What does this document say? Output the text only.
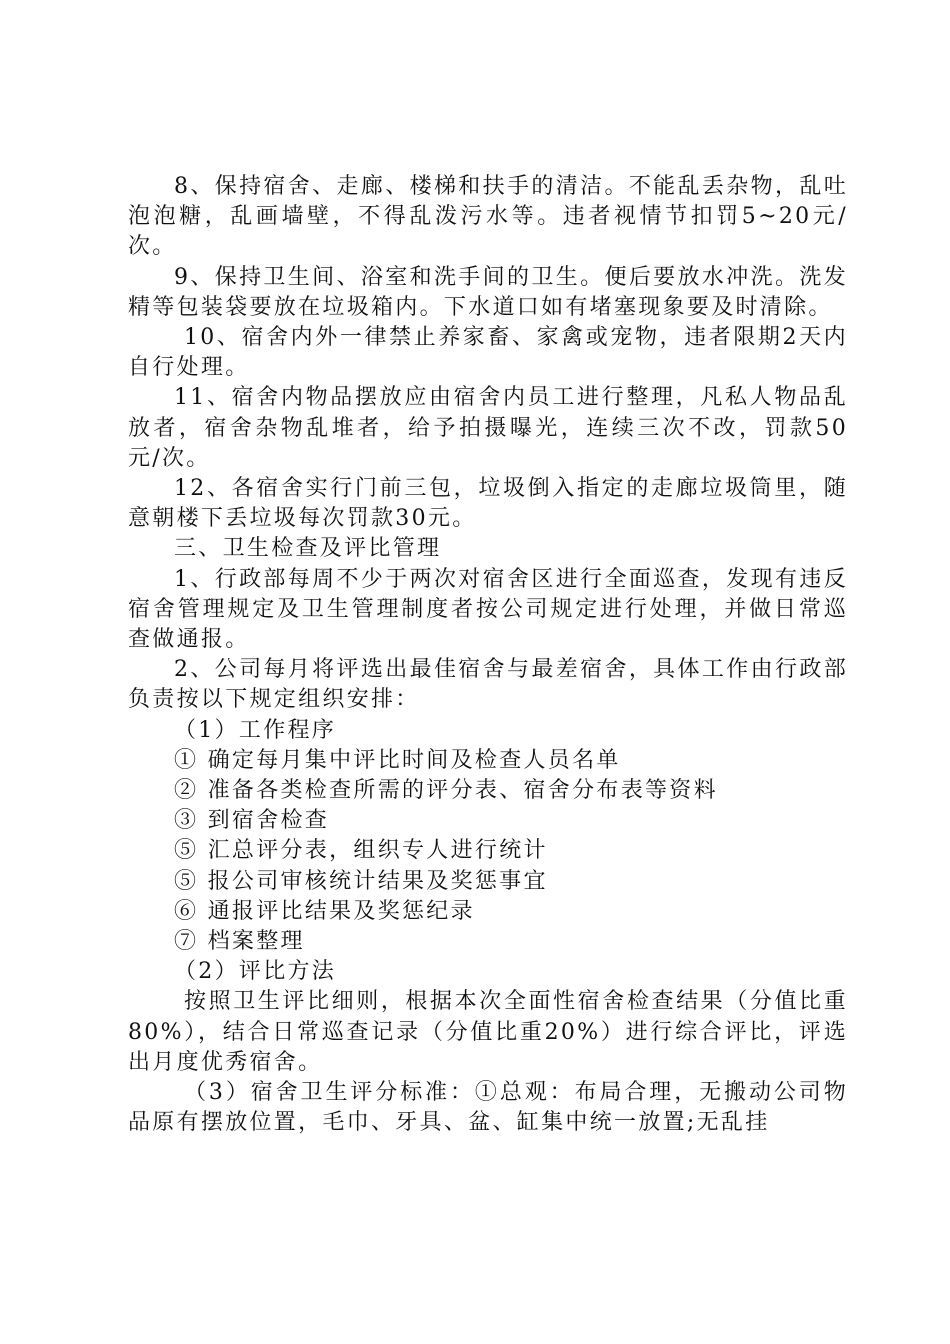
8、保持宿舍、走廊、楼梯和扶手的清洁。不能乱丢杂物，乱吐泡泡糖，乱画墙壁，不得乱泼污水等。违者视情节扣罚5~20元/次。

9、保持卫生间、浴室和洗手间的卫生。便后要放水冲洗。洗发精等包装袋要放在垃圾箱内。下水道口如有堵塞现象要及时清除。

10、宿舍内外一律禁止养家畜、家禽或宠物，违者限期2天内自行处理。

11、宿舍内物品摆放应由宿舍内员工进行整理，凡私人物品乱放者，宿舍杂物乱堆者，给予拍摄曝光，连续三次不改，罚款50元/次。

12、各宿舍实行门前三包，垃圾倒入指定的走廊垃圾筒里，随意朝楼下丢垃圾每次罚款30元。

三、卫生检查及评比管理

1、行政部每周不少于两次对宿舍区进行全面巡查，发现有违反宿舍管理规定及卫生管理制度者按公司规定进行处理，并做日常巡查做通报。

2、公司每月将评选出最佳宿舍与最差宿舍，具体工作由行政部负责按以下规定组织安排：

（1）工作程序

① 确定每月集中评比时间及检查人员名单

② 准备各类检查所需的评分表、宿舍分布表等资料

③ 到宿舍检查

⑤ 汇总评分表，组织专人进行统计

⑤ 报公司审核统计结果及奖惩事宜

⑥ 通报评比结果及奖惩纪录

⑦ 档案整理

（2）评比方法

按照卫生评比细则，根据本次全面性宿舍检查结果（分值比重80%），结合日常巡查记录（分值比重20%）进行综合评比，评选出月度优秀宿舍。

（3）宿舍卫生评分标准：①总观：布局合理，无搬动公司物品原有摆放位置，毛巾、牙具、盆、缸集中统一放置;无乱挂
